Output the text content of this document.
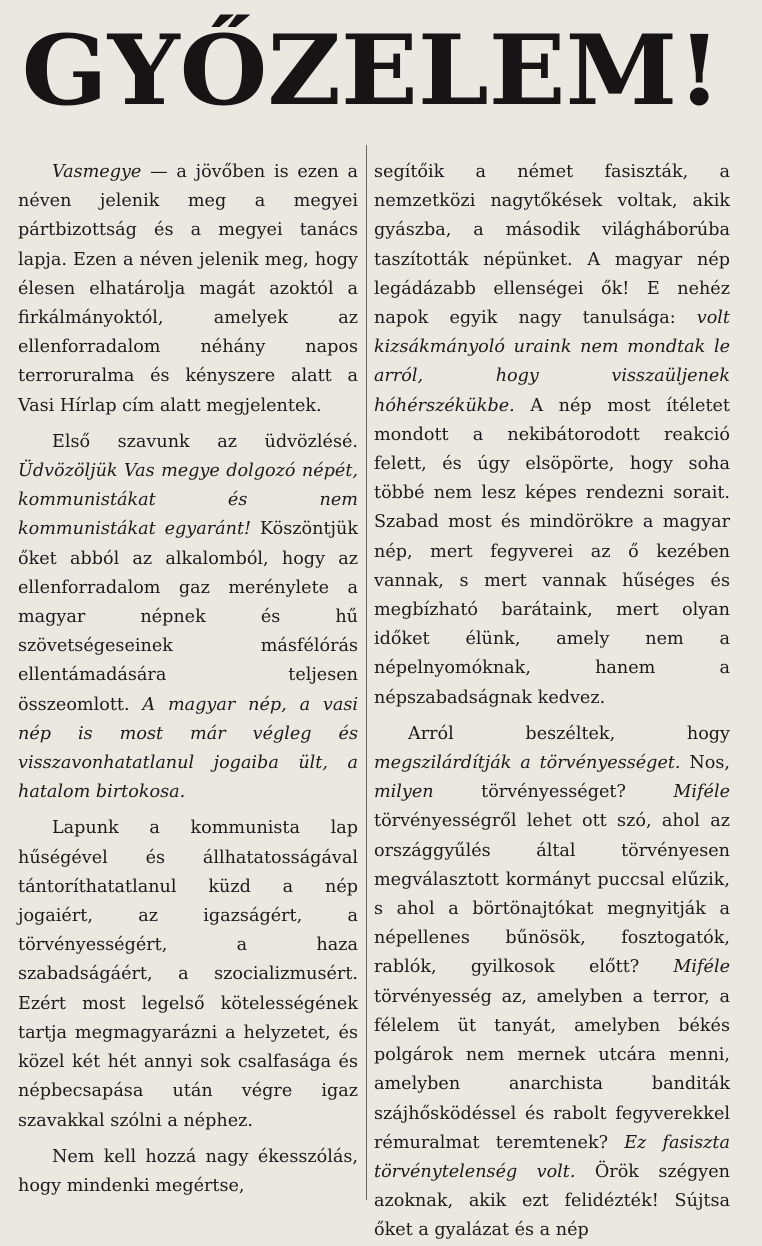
GYŐZELEM!

Vasmegye — a jövőben is ezen a néven jelenik meg a megyei pártbizottság és a megyei tanács lapja. Ezen a néven jelenik meg, hogy élesen elhatárolja magát azoktól a firkálmányoktól, amelyek az ellenforradalom néhány napos terroruralma és kényszere alatt a Vasi Hírlap cím alatt megjelentek.

Első szavunk az üdvözlésé. Üdvözöljük Vas megye dolgozó népét, kommunistákat és nem kommunistákat egyaránt! Köszöntjük őket abból az alkalomból, hogy az ellenforradalom gaz merénylete a magyar népnek és hű szövetségeseinek másfélórás ellentámadására teljesen összeomlott. A magyar nép, a vasi nép is most már végleg és visszavonhatatlanul jogaiba ült, a hatalom birtokosa.

Lapunk a kommunista lap hűségével és állhatatosságával tántoríthatatlanul küzd a nép jogaiért, az igazságért, a törvényességért, a haza szabadságáért, a szocializmusért. Ezért most legelső kötelességének tartja megmagyarázni a helyzetet, és közel két hét annyi sok csalfasága és népbecsapása után végre igaz szavakkal szólni a néphez.

Nem kell hozzá nagy ékesszólás, hogy mindenki megértse,

segítőik a német fasiszták, a nemzetközi nagytőkések voltak, akik gyászba, a második világháborúba taszították népünket. A magyar nép legádázabb ellenségei ők! E nehéz napok egyik nagy tanulsága: volt kizsákmányoló uraink nem mondtak le arról, hogy visszaüljenek hóhérszékükbe. A nép most ítéletet mondott a nekibátorodott reakció felett, és úgy elsöpörte, hogy soha többé nem lesz képes rendezni sorait. Szabad most és mindörökre a magyar nép, mert fegyverei az ő kezében vannak, s mert vannak hűséges és megbízható barátaink, mert olyan időket élünk, amely nem a népelnyomóknak, hanem a népszabadságnak kedvez.

Arról beszéltek, hogy megszilárdítják a törvényességet. Nos, milyen törvényességet? Miféle törvényességről lehet ott szó, ahol az országgyűlés által törvényesen megválasztott kormányt puccsal elűzik, s ahol a börtönajtókat megnyitják a népellenes bűnösök, fosztogatók, rablók, gyilkosok előtt? Miféle törvényesség az, amelyben a terror, a félelem üt tanyát, amelyben békés polgárok nem mernek utcára menni, amelyben anarchista banditák szájhősködéssel és rabolt fegyverekkel rémuralmat teremtenek? Ez fasiszta törvénytelenség volt. Örök szégyen azoknak, akik ezt felidézték! Sújtsa őket a gyalázat és a nép
